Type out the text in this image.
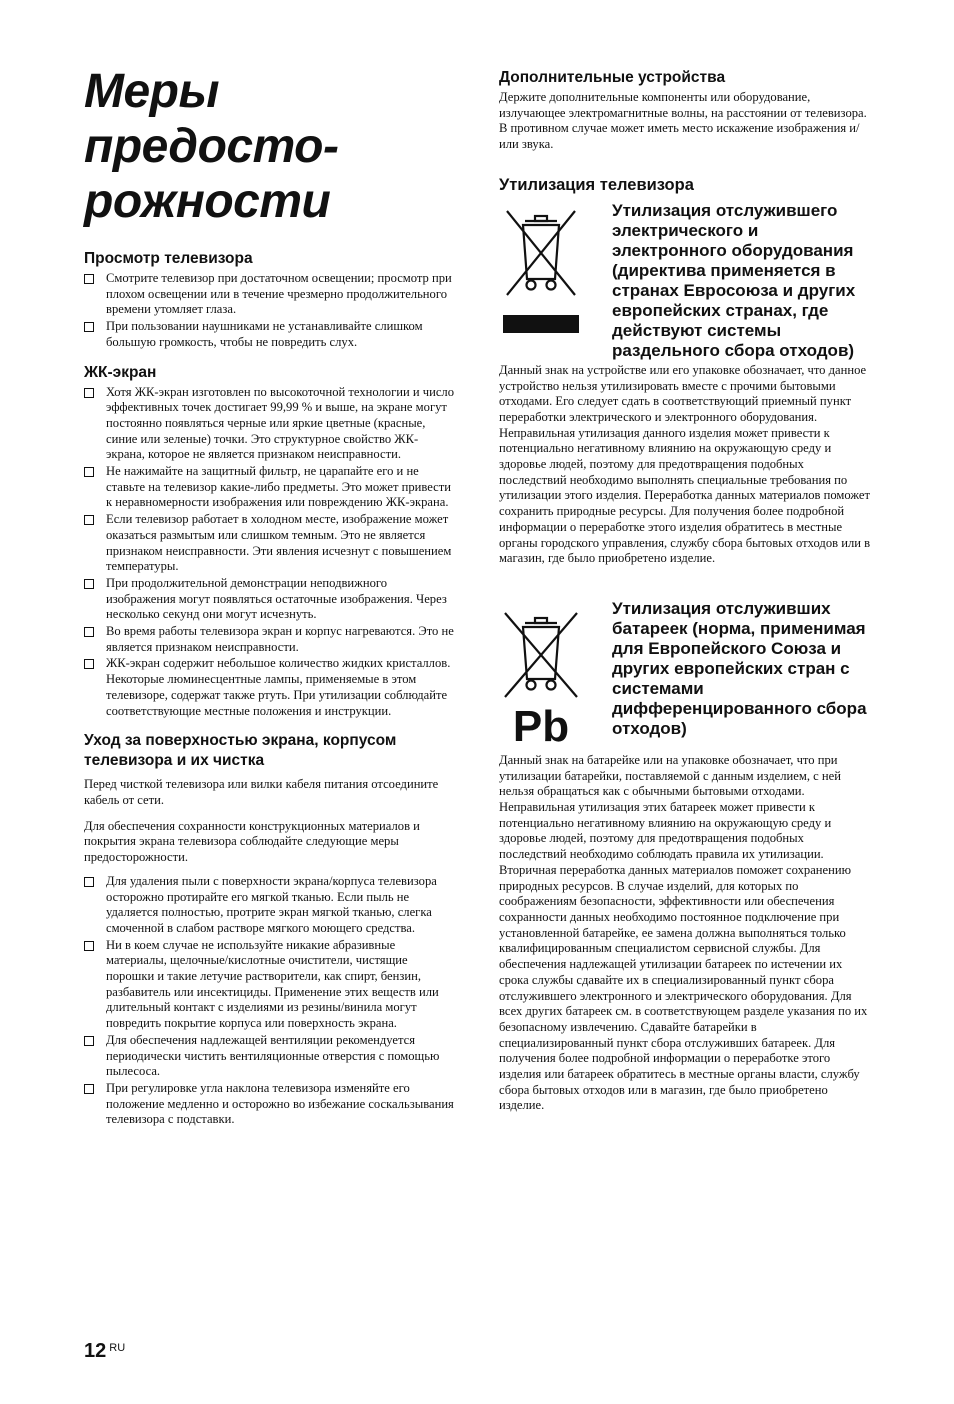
Меры
предосто-
рожности
Просмотр телевизора
Смотрите телевизор при достаточном освещении; просмотр при плохом освещении или в течение чрезмерно продолжительного времени утомляет глаза.
При пользовании наушниками не устанавливайте слишком большую громкость, чтобы не повредить слух.
ЖК-экран
Хотя ЖК-экран изготовлен по высокоточной технологии и число эффективных точек достигает 99,99 % и выше, на экране могут постоянно появляться черные или яркие цветные (красные, синие или зеленые) точки. Это структурное свойство ЖК-экрана, которое не является признаком неисправности.
Не нажимайте на защитный фильтр, не царапайте его и не ставьте на телевизор какие-либо предметы. Это может привести к неравномерности изображения или повреждению ЖК-экрана.
Если телевизор работает в холодном месте, изображение может оказаться размытым или слишком темным. Это не является признаком неисправности. Эти явления исчезнут с повышением температуры.
При продолжительной демонстрации неподвижного изображения могут появляться остаточные изображения. Через несколько секунд они могут исчезнуть.
Во время работы телевизора экран и корпус нагреваются. Это не является признаком неисправности.
ЖК-экран содержит небольшое количество жидких кристаллов. Некоторые люминесцентные лампы, применяемые в этом телевизоре, содержат также ртуть. При утилизации соблюдайте соответствующие местные положения и инструкции.
Уход за поверхностью экрана, корпусом телевизора и их чистка

Перед чисткой телевизора или вилки кабеля питания отсоедините кабель от сети.

Для обеспечения сохранности конструкционных материалов и покрытия экрана телевизора соблюдайте следующие меры предосторожности.

Для удаления пыли с поверхности экрана/корпуса телевизора осторожно протирайте его мягкой тканью. Если пыль не удаляется полностью, протрите экран мягкой тканью, слегка смоченной в слабом растворе мягкого моющего средства.
Ни в коем случае не используйте никакие абразивные материалы, щелочные/кислотные очистители, чистящие порошки и такие летучие растворители, как спирт, бензин, разбавитель или инсектициды. Применение этих веществ или длительный контакт с изделиями из резины/винила могут повредить покрытие корпуса или поверхность экрана.
Для обеспечения надлежащей вентиляции рекомендуется периодически чистить вентиляционные отверстия с помощью пылесоса.
При регулировке угла наклона телевизора изменяйте его положение медленно и осторожно во избежание соскальзывания телевизора с подставки.
Дополнительные устройства

Держите дополнительные компоненты или оборудование, излучающее электромагнитные волны, на расстоянии от телевизора. В противном случае может иметь место искажение изображения и/или звука.

Утилизация телевизора
Утилизация отслужившего электрического и электронного оборудования (директива применяется в странах Евросоюза и других европейских странах, где действуют системы раздельного сбора отходов)

Данный знак на устройстве или его упаковке обозначает, что данное устройство нельзя утилизировать вместе с прочими бытовыми отходами. Его следует сдать в соответствующий приемный пункт переработки электрического и электронного оборудования. Неправильная утилизация данного изделия может привести к потенциально негативному влиянию на окружающую среду и здоровье людей, поэтому для предотвращения подобных последствий необходимо выполнять специальные требования по утилизации этого изделия. Переработка данных материалов поможет сохранить природные ресурсы. Для получения более подробной информации о переработке этого изделия обратитесь в местные органы городского управления, службу сбора бытовых отходов или в магазин, где было приобретено изделие.

Pb
Утилизация отслуживших батареек (норма, применимая для Европейского Союза и других европейских стран с системами дифференцированного сбора отходов)

Данный знак на батарейке или на упаковке обозначает, что при утилизации батарейки, поставляемой с данным изделием, с ней нельзя обращаться как с обычными бытовыми отходами. Неправильная утилизация этих батареек может привести к потенциально негативному влиянию на окружающую среду и здоровье людей, поэтому для предотвращения подобных последствий необходимо соблюдать правила их утилизации. Вторичная переработка данных материалов поможет сохранению природных ресурсов. В случае изделий, для которых по соображениям безопасности, эффективности или обеспечения сохранности данных необходимо постоянное подключение при установленной батарейке, ее замена должна выполняться только квалифицированным специалистом сервисной службы. Для обеспечения надлежащей утилизации батареек по истечении их срока службы сдавайте их в специализированный пункт сбора отслужившего электронного и электрического оборудования. Для всех других батареек см. в соответствующем разделе указания по их безопасному извлечению. Сдавайте батарейки в специализированный пункт сбора отслуживших батареек. Для получения более подробной информации о переработке этого изделия или батареек обратитесь в местные органы власти, службу сбора бытовых отходов или в магазин, где было приобретено изделие.

12 $^{RU}$
